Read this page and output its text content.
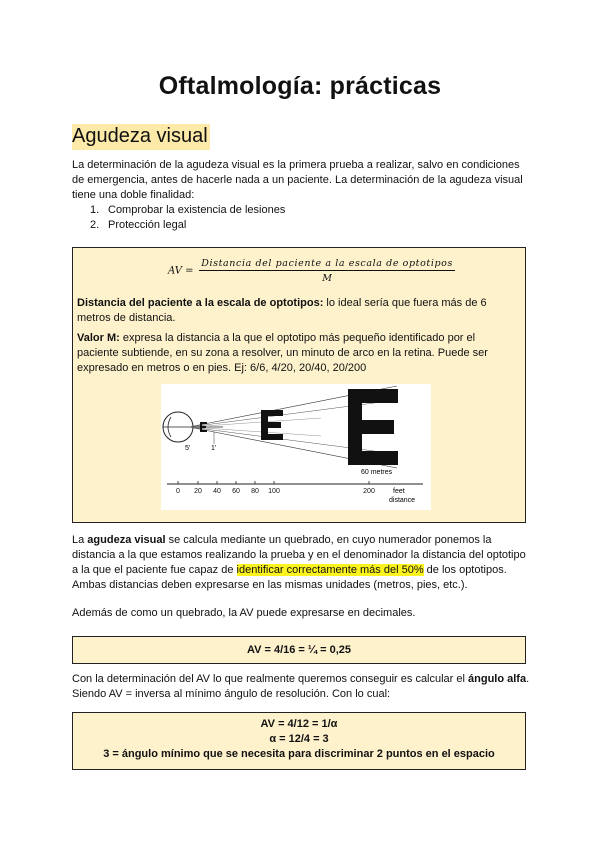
Oftalmología: prácticas
Agudeza visual
La determinación de la agudeza visual es la primera prueba a realizar, salvo en condiciones de emergencia, antes de hacerle nada a un paciente. La determinación de la agudeza visual tiene una doble finalidad:
1. Comprobar la existencia de lesiones
2. Protección legal
AV = $\frac{\text{Distancia del paciente a la escala de optotipos}}{M}$
Distancia del paciente a la escala de optotipos: lo ideal sería que fuera más de 6 metros de distancia.
Valor M: expresa la distancia a la que el optotipo más pequeño identificado por el paciente subtiende, en su zona a resolver, un minuto de arco en la retina. Puede ser expresado en metros o en pies. Ej: 6/6, 4/20, 20/40, 20/200
5'	1'
60 metres
0 20 40 60 80 100	200	feet
distance
La agudeza visual se calcula mediante un quebrado, en cuyo numerador ponemos la distancia a la que estamos realizando la prueba y en el denominador la distancia del optotipo a la que el paciente fue capaz de identificar correctamente más del 50% de los optotipos. Ambas distancias deben expresarse en las mismas unidades (metros, pies, etc.).
Además de como un quebrado, la AV puede expresarse en decimales.
AV = 4/16 = ¼ = 0,25
Con la determinación del AV lo que realmente queremos conseguir es calcular el ángulo alfa. Siendo AV = inversa al mínimo ángulo de resolución. Con lo cual:
AV = 4/12 = 1/α
α = 12/4 = 3
3 = ángulo mínimo que se necesita para discriminar 2 puntos en el espacio
